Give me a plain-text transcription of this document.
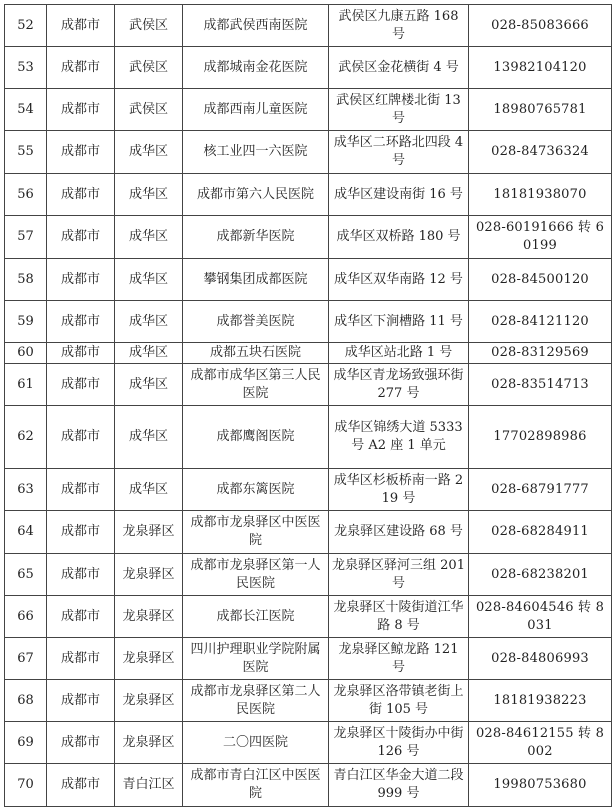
52	成都市	武侯区	成都武侯西南医院	武侯区九康五路 168 号	028-85083666
53	成都市	武侯区	成都城南金花医院	武侯区金花横街 4 号	13982104120
54	成都市	武侯区	成都西南儿童医院	武侯区红牌楼北街 13 号	18980765781
55	成都市	成华区	核工业四一六医院	成华区二环路北四段 4 号	028-84736324
56	成都市	成华区	成都市第六人民医院	成华区建设南街 16 号	18181938070
57	成都市	成华区	成都新华医院	成华区双桥路 180 号	028-60191666 转 60199
58	成都市	成华区	攀钢集团成都医院	成华区双华南路 12 号	028-84500120
59	成都市	成华区	成都誉美医院	成华区下涧槽路 11 号	028-84121120
60	成都市	成华区	成都五块石医院	成华区站北路 1 号	028-83129569
61	成都市	成华区	成都市成华区第三人民医院	成华区青龙场致强环街 277 号	028-83514713
62	成都市	成华区	成都鹰阁医院	成华区锦绣大道 5333 号 A2 座 1 单元	17702898986
63	成都市	成华区	成都东篱医院	成华区杉板桥南一路 219 号	028-68791777
64	成都市	龙泉驿区	成都市龙泉驿区中医医院	龙泉驿区建设路 68 号	028-68284911
65	成都市	龙泉驿区	成都市龙泉驿区第一人民医院	龙泉驿区驿河三组 201 号	028-68238201
66	成都市	龙泉驿区	成都长江医院	龙泉驿区十陵街道江华路 8 号	028-84604546 转 8031
67	成都市	龙泉驿区	四川护理职业学院附属医院	龙泉驿区鲸龙路 121 号	028-84806993
68	成都市	龙泉驿区	成都市龙泉驿区第二人民医院	龙泉驿区洛带镇老街上街 105 号	18181938223
69	成都市	龙泉驿区	二〇四医院	龙泉驿区十陵街办中街 126 号	028-84612155 转 8002
70	成都市	青白江区	成都市青白江区中医医院	青白江区华金大道二段 999 号	19980753680
